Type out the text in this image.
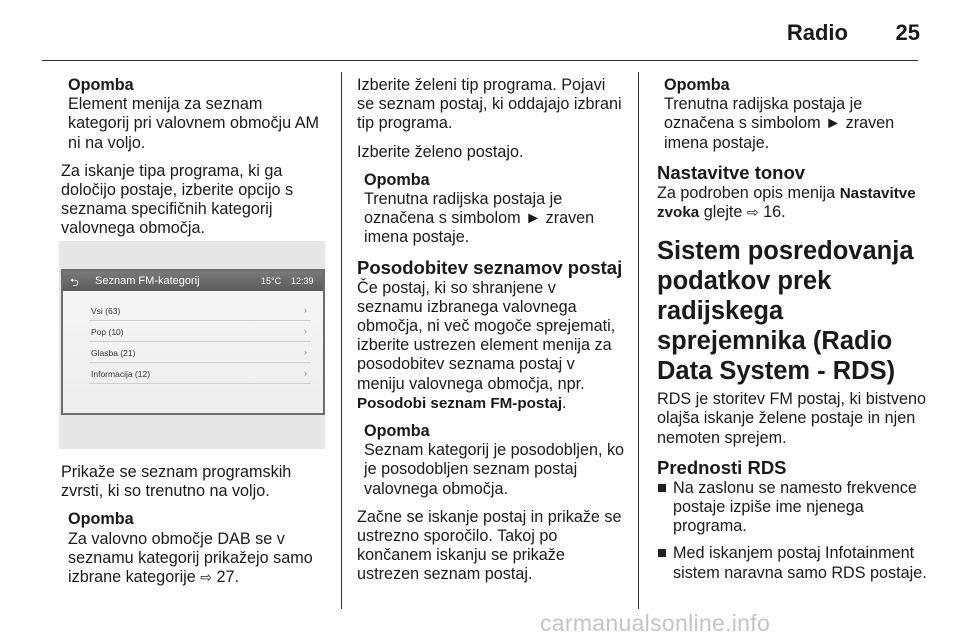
Radio 25
Opomba
Element menija za seznam kategorij pri valovnem območju AM ni na voljo.

Za iskanje tipa programa, ki ga določijo postaje, izberite opcijo s seznama specifičnih kategorij valovnega območja.

⮌ Seznam FM-kategorij	15°C 12:39
Vsi (63)	›
Pop (10)	›
Glasba (21)	›
Informacija (12)	›

Prikaže se seznam programskih zvrsti, ki so trenutno na voljo.

Opomba
Za valovno območje DAB se v seznamu kategorij prikažejo samo izbrane kategorije ⇨ 27.

Izberite želeni tip programa. Pojavi se seznam postaj, ki oddajajo izbrani tip programa.

Izberite želeno postajo.

Opomba
Trenutna radijska postaja je označena s simbolom ► zraven imena postaje.
Posodobitev seznamov postaj

Če postaj, ki so shranjene v seznamu izbranega valovnega območja, ni več mogoče sprejemati, izberite ustrezen element menija za posodobitev seznama postaj v meniju valovnega območja, npr. Posodobi seznam FM-postaj.

Opomba
Seznam kategorij je posodobljen, ko je posodobljen seznam postaj valovnega območja.

Začne se iskanje postaj in prikaže se ustrezno sporočilo. Takoj po končanem iskanju se prikaže ustrezen seznam postaj.

Opomba
Trenutna radijska postaja je označena s simbolom ► zraven imena postaje.
Nastavitve tonov

Za podroben opis menija Nastavitve zvoka glejte ⇨ 16.

Sistem posredovanja podatkov prek radijskega sprejemnika (Radio Data System - RDS)

RDS je storitev FM postaj, ki bistveno olajša iskanje želene postaje in njen nemoten sprejem.

Prednosti RDS
Na zaslonu se namesto frekvence postaje izpiše ime njenega programa.
Med iskanjem postaj Infotainment sistem naravna samo RDS postaje.
carmanualsonline.info
